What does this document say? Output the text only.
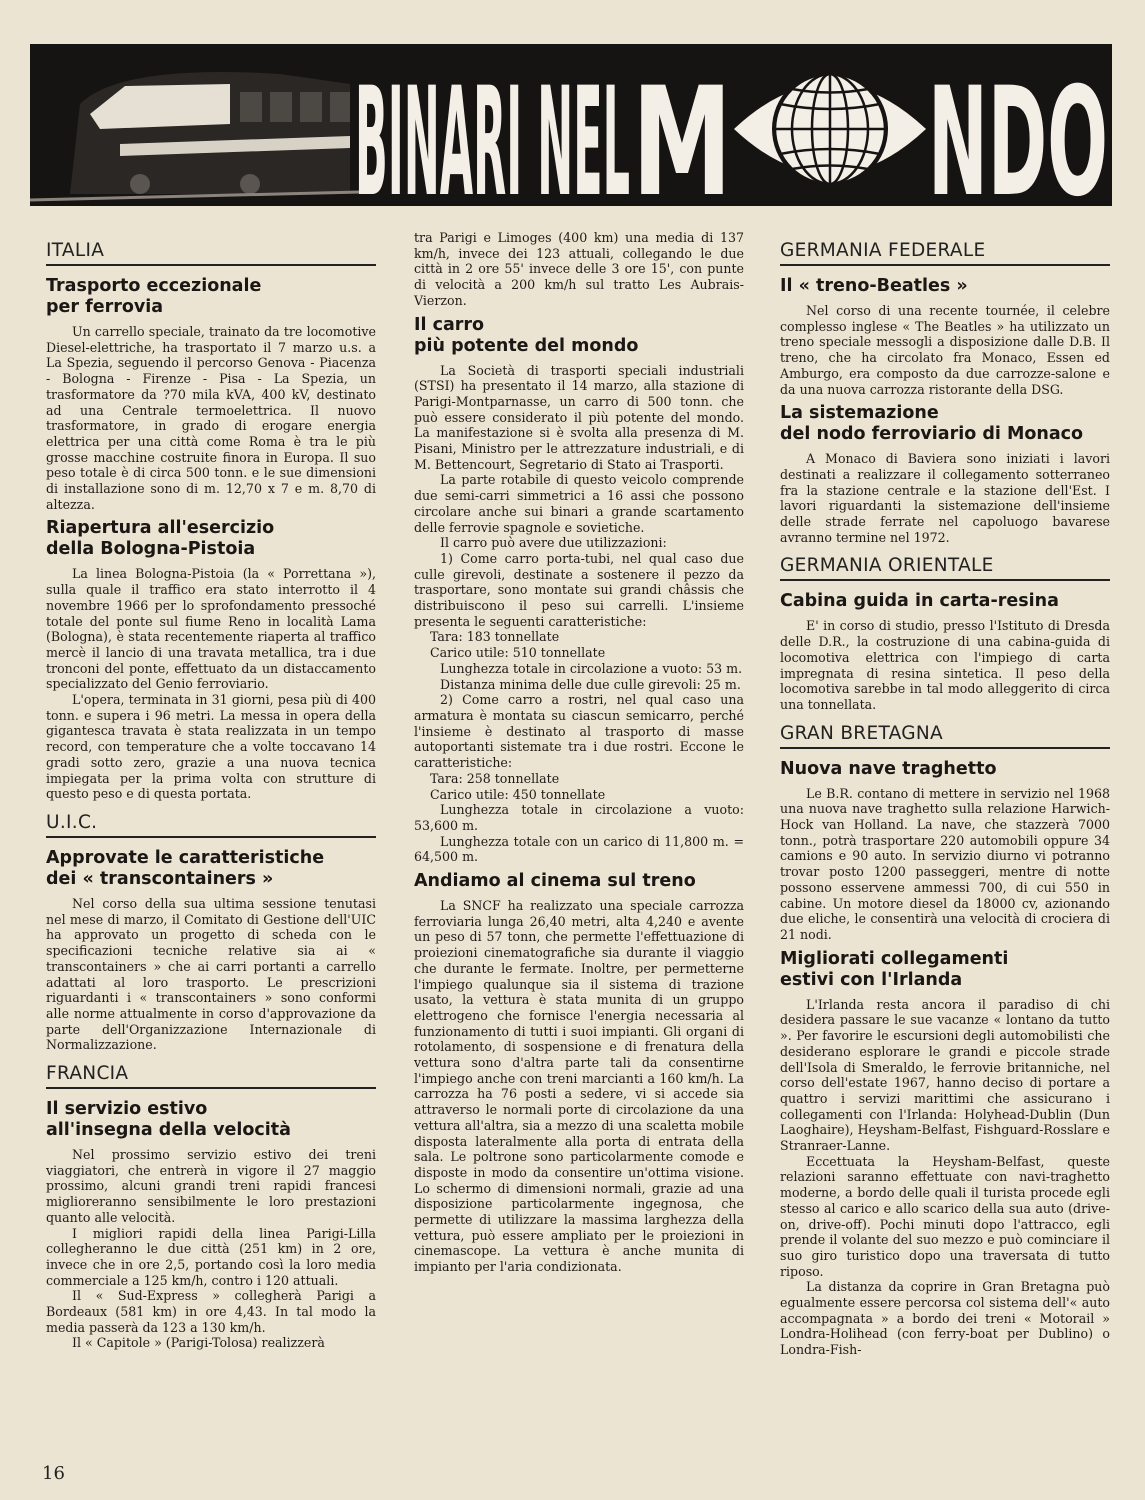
BINARI NEL M NDO
ITALIA
Trasporto eccezionale
per ferrovia
Un carrello speciale, trainato da tre locomotive Diesel-elettriche, ha trasportato il 7 marzo u.s. a La Spezia, seguendo il percorso Genova - Piacenza - Bologna - Firenze - Pisa - La Spezia, un trasformatore da ?70 mila kVA, 400 kV, destinato ad una Centrale termoelettrica. Il nuovo trasformatore, in grado di erogare energia elettrica per una città come Roma è tra le più grosse macchine costruite finora in Europa. Il suo peso totale è di circa 500 tonn. e le sue dimensioni di installazione sono di m. 12,70 x 7 e m. 8,70 di altezza.
Riapertura all'esercizio
della Bologna-Pistoia
La linea Bologna-Pistoia (la « Porrettana »), sulla quale il traffico era stato interrotto il 4 novembre 1966 per lo sprofondamento pressoché totale del ponte sul fiume Reno in località Lama (Bologna), è stata recentemente riaperta al traffico mercè il lancio di una travata metallica, tra i due tronconi del ponte, effettuato da un distaccamento specializzato del Genio ferroviario.
L'opera, terminata in 31 giorni, pesa più di 400 tonn. e supera i 96 metri. La messa in opera della gigantesca travata è stata realizzata in un tempo record, con temperature che a volte toccavano 14 gradi sotto zero, grazie a una nuova tecnica impiegata per la prima volta con strutture di questo peso e di questa portata.
U.I.C.
Approvate le caratteristiche
dei « transcontainers »
Nel corso della sua ultima sessione tenutasi nel mese di marzo, il Comitato di Gestione dell'UIC ha approvato un progetto di scheda con le specificazioni tecniche relative sia ai « transcontainers » che ai carri portanti a carrello adattati al loro trasporto. Le prescrizioni riguardanti i « transcontainers » sono conformi alle norme attualmente in corso d'approvazione da parte dell'Organizzazione Internazionale di Normalizzazione.
FRANCIA
Il servizio estivo
all'insegna della velocità
Nel prossimo servizio estivo dei treni viaggiatori, che entrerà in vigore il 27 maggio prossimo, alcuni grandi treni rapidi francesi miglioreranno sensibilmente le loro prestazioni quanto alle velocità.
I migliori rapidi della linea Parigi-Lilla collegheranno le due città (251 km) in 2 ore, invece che in ore 2,5, portando così la loro media commerciale a 125 km/h, contro i 120 attuali.
Il « Sud-Express » collegherà Parigi a Bordeaux (581 km) in ore 4,43. In tal modo la media passerà da 123 a 130 km/h.
Il « Capitole » (Parigi-Tolosa) realizzerà
tra Parigi e Limoges (400 km) una media di 137 km/h, invece dei 123 attuali, collegando le due città in 2 ore 55' invece delle 3 ore 15', con punte di velocità a 200 km/h sul tratto Les Aubrais-Vierzon.
Il carro
più potente del mondo
La Società di trasporti speciali industriali (STSI) ha presentato il 14 marzo, alla stazione di Parigi-Montparnasse, un carro di 500 tonn. che può essere considerato il più potente del mondo. La manifestazione si è svolta alla presenza di M. Pisani, Ministro per le attrezzature industriali, e di M. Bettencourt, Segretario di Stato ai Trasporti.
La parte rotabile di questo veicolo comprende due semi-carri simmetrici a 16 assi che possono circolare anche sui binari a grande scartamento delle ferrovie spagnole e sovietiche.
Il carro può avere due utilizzazioni:
1) Come carro porta-tubi, nel qual caso due culle girevoli, destinate a sostenere il pezzo da trasportare, sono montate sui grandi châssis che distribuiscono il peso sui carrelli. L'insieme presenta le seguenti caratteristiche:
Tara: 183 tonnellate
Carico utile: 510 tonnellate
Lunghezza totale in circolazione a vuoto: 53 m.
Distanza minima delle due culle girevoli: 25 m.
2) Come carro a rostri, nel qual caso una armatura è montata su ciascun semicarro, perché l'insieme è destinato al trasporto di masse autoportanti sistemate tra i due rostri. Eccone le caratteristiche:
Tara: 258 tonnellate
Carico utile: 450 tonnellate
Lunghezza totale in circolazione a vuoto: 53,600 m.
Lunghezza totale con un carico di 11,800 m. = 64,500 m.
Andiamo al cinema sul treno
La SNCF ha realizzato una speciale carrozza ferroviaria lunga 26,40 metri, alta 4,240 e avente un peso di 57 tonn, che permette l'effettuazione di proiezioni cinematografiche sia durante il viaggio che durante le fermate. Inoltre, per permetterne l'impiego qualunque sia il sistema di trazione usato, la vettura è stata munita di un gruppo elettrogeno che fornisce l'energia necessaria al funzionamento di tutti i suoi impianti. Gli organi di rotolamento, di sospensione e di frenatura della vettura sono d'altra parte tali da consentirne l'impiego anche con treni marcianti a 160 km/h. La carrozza ha 76 posti a sedere, vi si accede sia attraverso le normali porte di circolazione da una vettura all'altra, sia a mezzo di una scaletta mobile disposta lateralmente alla porta di entrata della sala. Le poltrone sono particolarmente comode e disposte in modo da consentire un'ottima visione. Lo schermo di dimensioni normali, grazie ad una disposizione particolarmente ingegnosa, che permette di utilizzare la massima larghezza della vettura, può essere ampliato per le proiezioni in cinemascope. La vettura è anche munita di impianto per l'aria condizionata.
GERMANIA FEDERALE
Il « treno-Beatles »
Nel corso di una recente tournée, il celebre complesso inglese « The Beatles » ha utilizzato un treno speciale messogli a disposizione dalle D.B. Il treno, che ha circolato fra Monaco, Essen ed Amburgo, era composto da due carrozze-salone e da una nuova carrozza ristorante della DSG.
La sistemazione
del nodo ferroviario di Monaco
A Monaco di Baviera sono iniziati i lavori destinati a realizzare il collegamento sotterraneo fra la stazione centrale e la stazione dell'Est. I lavori riguardanti la sistemazione dell'insieme delle strade ferrate nel capoluogo bavarese avranno termine nel 1972.
GERMANIA ORIENTALE
Cabina guida in carta-resina
E' in corso di studio, presso l'Istituto di Dresda delle D.R., la costruzione di una cabina-guida di locomotiva elettrica con l'impiego di carta impregnata di resina sintetica. Il peso della locomotiva sarebbe in tal modo alleggerito di circa una tonnellata.
GRAN BRETAGNA
Nuova nave traghetto
Le B.R. contano di mettere in servizio nel 1968 una nuova nave traghetto sulla relazione Harwich-Hock van Holland. La nave, che stazzerà 7000 tonn., potrà trasportare 220 automobili oppure 34 camions e 90 auto. In servizio diurno vi potranno trovar posto 1200 passeggeri, mentre di notte possono esservene ammessi 700, di cui 550 in cabine. Un motore diesel da 18000 cv, azionando due eliche, le consentirà una velocità di crociera di 21 nodi.
Migliorati collegamenti
estivi con l'Irlanda
L'Irlanda resta ancora il paradiso di chi desidera passare le sue vacanze « lontano da tutto ». Per favorire le escursioni degli automobilisti che desiderano esplorare le grandi e piccole strade dell'Isola di Smeraldo, le ferrovie britanniche, nel corso dell'estate 1967, hanno deciso di portare a quattro i servizi marittimi che assicurano i collegamenti con l'Irlanda: Holyhead-Dublin (Dun Laoghaire), Heysham-Belfast, Fishguard-Rosslare e Stranraer-Lanne.
Eccettuata la Heysham-Belfast, queste relazioni saranno effettuate con navi-traghetto moderne, a bordo delle quali il turista procede egli stesso al carico e allo scarico della sua auto (drive-on, drive-off). Pochi minuti dopo l'attracco, egli prende il volante del suo mezzo e può cominciare il suo giro turistico dopo una traversata di tutto riposo.
La distanza da coprire in Gran Bretagna può egualmente essere percorsa col sistema dell'« auto accompagnata » a bordo dei treni « Motorail » Londra-Holihead (con ferry-boat per Dublino) o Londra-Fish-
16
